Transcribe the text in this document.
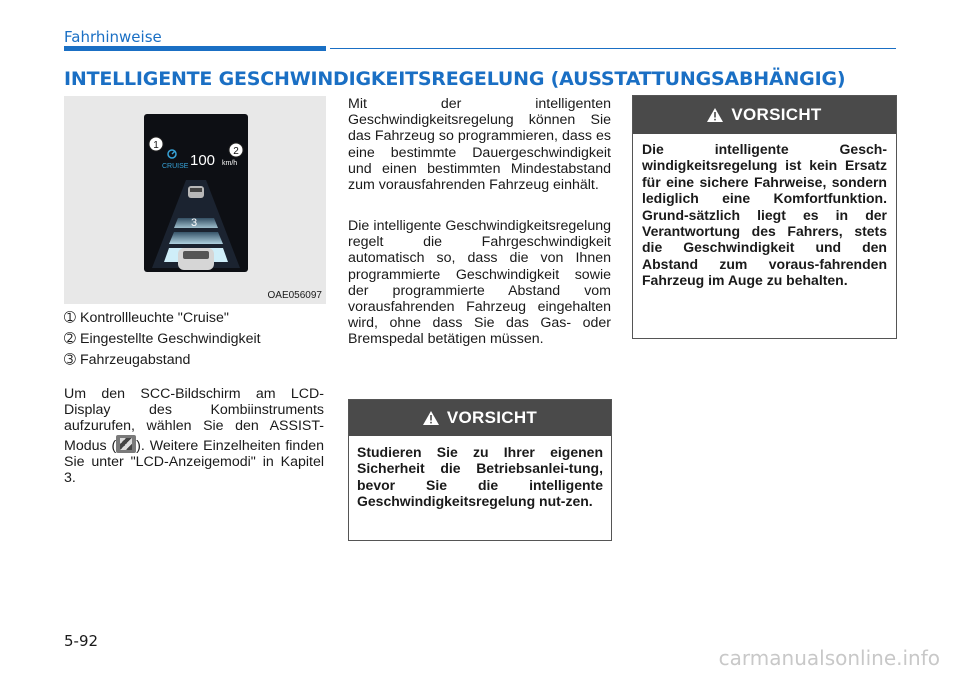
Fahrhinweise
INTELLIGENTE GESCHWINDIGKEITSREGELUNG (AUSSTATTUNGSABHÄNGIG)
CRUISE 100 km/h
3
1
2
OAE056097
➀ Kontrollleuchte "Cruise"
➁ Eingestellte Geschwindigkeit
➂ Fahrzeugabstand
Um den SCC-Bildschirm am LCD-Display des Kombiinstruments aufzurufen, wählen Sie den ASSIST-Modus ( ). Weitere Einzelheiten finden Sie unter "LCD-Anzeigemodi" in Kapitel 3.
Mit der intelligenten Geschwindigkeitsregelung können Sie das Fahrzeug so programmieren, dass es eine bestimmte Dauergeschwindigkeit und einen bestimmten Mindestabstand zum vorausfahrenden Fahrzeug einhält.
Die intelligente Geschwindigkeitsregelung regelt die Fahrgeschwindigkeit automatisch so, dass die von Ihnen programmierte Geschwindigkeit sowie der programmierte Abstand vom vorausfahrenden Fahrzeug eingehalten wird, ohne dass Sie das Gas- oder Bremspedal betätigen müssen.
VORSICHT
Studieren Sie zu Ihrer eigenen Sicherheit die Betriebsanlei-tung, bevor Sie die intelligente Geschwindigkeitsregelung nut-zen.
VORSICHT
Die intelligente Gesch-windigkeitsregelung ist kein Ersatz für eine sichere Fahrweise, sondern lediglich eine Komfortfunktion. Grund-sätzlich liegt es in der Verantwortung des Fahrers, stets die Geschwindigkeit und den Abstand zum voraus-fahrenden Fahrzeug im Auge zu behalten.
5-92
carmanualsonline.info
